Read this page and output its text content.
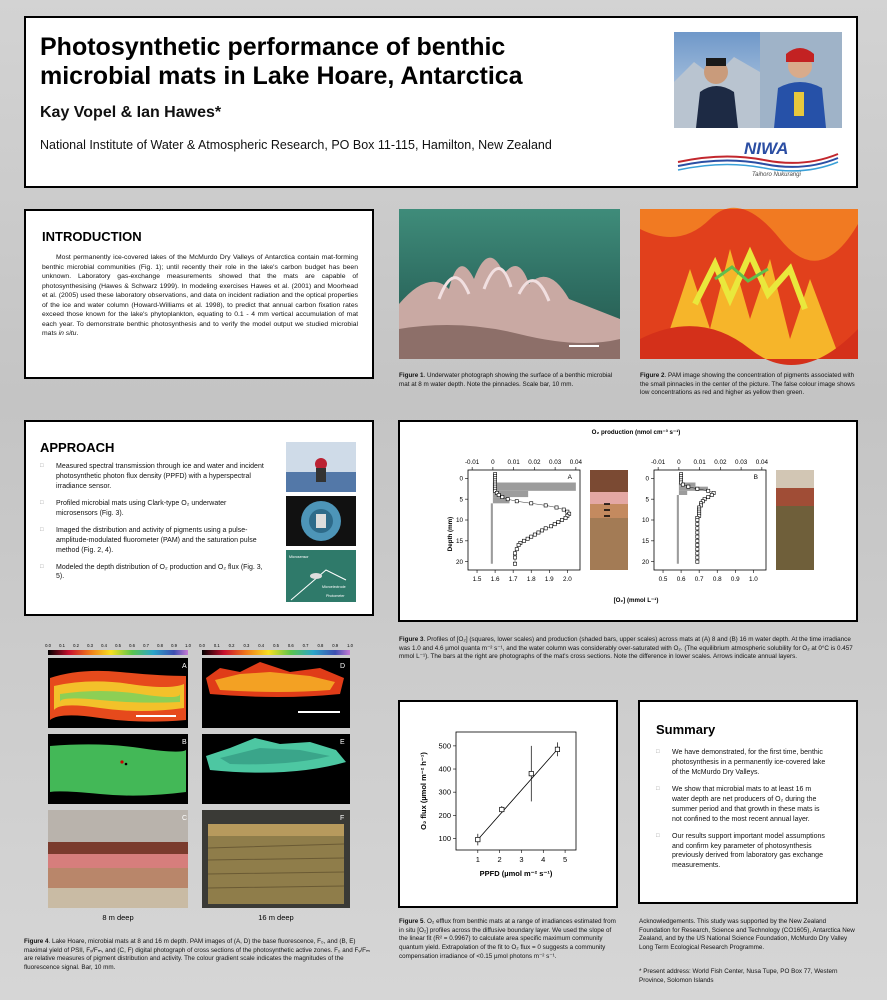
Photosynthetic performance of benthic microbial mats in Lake Hoare, Antarctica
Kay Vopel & Ian Hawes*
National Institute of Water & Atmospheric Research, PO Box 11-115, Hamilton, New Zealand	NIWA
Taihoro Nukurangi
INTRODUCTION
Most permanently ice-covered lakes of the McMurdo Dry Valleys of Antarctica contain mat-forming benthic microbial communities (Fig. 1); until recently their role in the lake's carbon budget has been unknown. Laboratory gas-exchange measurements showed that the mats are capable of photosynthesising (Hawes & Schwarz 1999). In modeling exercises Hawes et al. (2001) and Moorhead et al. (2005) used these laboratory observations, and data on incident radiation and the optical properties of the ice and water column (Howard-Williams et al. 1998), to predict that annual carbon fixation rates exceed those known for the lake's phytoplankton, equating to 0.1 - 4 mm vertical accumulation of mat each year. To demonstrate benthic photosynthesis and to verify the model output we studied microbial mats in situ.
Figure 1. Underwater photograph showing the surface of a benthic microbial mat at 8 m water depth. Note the pinnacles. Scale bar, 10 mm.
Figure 2. PAM image showing the concentration of pigments associated with the small pinnacles in the center of the picture. The false colour image shows low concentrations as red and higher as yellow then green.
APPROACH
□ Measured spectral transmission through ice and water and incident photosynthetic photon flux density (PPFD) with a hyperspectral irradiance sensor.
□ Profiled microbial mats using Clark-type O₂ underwater microsensors (Fig. 3).
□ Imaged the distribution and activity of pigments using a pulse-amplitude-modulated fluorometer (PAM) and the saturation pulse method (Fig. 2, 4).
□ Modeled the depth distribution of O₂ production and O₂ flux (Fig. 3, 5).
Microsensor
Microelectrode
Photometer
O₂ production (nmol cm⁻³ s⁻¹)
[O₂] (mmol L⁻¹)
Depth (mm)
1.5 1.6 1.7 1.8 1.9 2.0
-0.01 0 0.01 0.02 0.03 0.04
0
5
10
15
20
A
0.5 0.6 0.7 0.8 0.9 1.0
-0.01 0 0.01 0.02 0.03 0.04
0
5
10
15
20
B
Figure 3. Profiles of [O₂] (squares, lower scales) and production (shaded bars, upper scales) across mats at (A) 8 and (B) 16 m water depth. At the time irradiance was 1.0 and 4.6 µmol quanta m⁻² s⁻¹, and the water column was considerably over-saturated with O₂. (The equilibrium atmospheric solubility for O₂ at 0°C is 0.457 mmol L⁻¹). The bars at the right are photographs of the mat's cross sections. Note the difference in lower scales. Arrows indicate annual layers.
0.0 0.1 0.2 0.3 0.4 0.5 0.6 0.7 0.8 0.9 1.0 0.0 0.1 0.2 0.3 0.4 0.5 0.6 0.7 0.8 0.9 1.0
A
B
C
D
E
F
8 m deep	16 m deep
Figure 4. Lake Hoare, microbial mats at 8 and 16 m depth. PAM images of (A, D) the base fluorescence, F₀, and (B, E) maximal yield of PSII, Fᵥ/Fₘ, and (C, F) digital photograph of cross sections of the photosynthetic active zones. F₀ and Fᵥ/Fₘ are relative measures of pigment distribution and activity. The colour gradient scale indicates the magnitudes of the fluorescence signal. Bar, 10 mm.
1 2 3 4 5
100
200
300
400
500
PPFD (µmol m⁻² s⁻¹)
O₂ flux (µmol m⁻² h⁻¹)
Figure 5. O₂ efflux from benthic mats at a range of irradiances estimated from in situ [O₂] profiles across the diffusive boundary layer. We used the slope of the linear fit (R² = 0.9967) to calculate area specific maximum community quantum yield. Extrapolation of the fit to O₂ flux = 0 suggests a community compensation irradiance of <0.15 µmol photons m⁻² s⁻¹.
Summary
□ We have demonstrated, for the first time, benthic photosynthesis in a permanently ice-covered lake of the McMurdo Dry Valleys.
□ We show that microbial mats to at least 16 m water depth are net producers of O₂ during the summer period and that growth in these mats is not confined to the most recent annual layer.
□ Our results support important model assumptions and confirm key parameter of photosynthesis previously derived from laboratory gas exchange measurements.
Acknowledgements. This study was supported by the New Zealand Foundation for Research, Science and Technology (CO1605), Antarctica New Zealand, and by the US National Science Foundation, McMurdo Dry Valley Long Term Ecological Research Programme.
* Present address: World Fish Center, Nusa Tupe, PO Box 77, Western Province, Solomon Islands
